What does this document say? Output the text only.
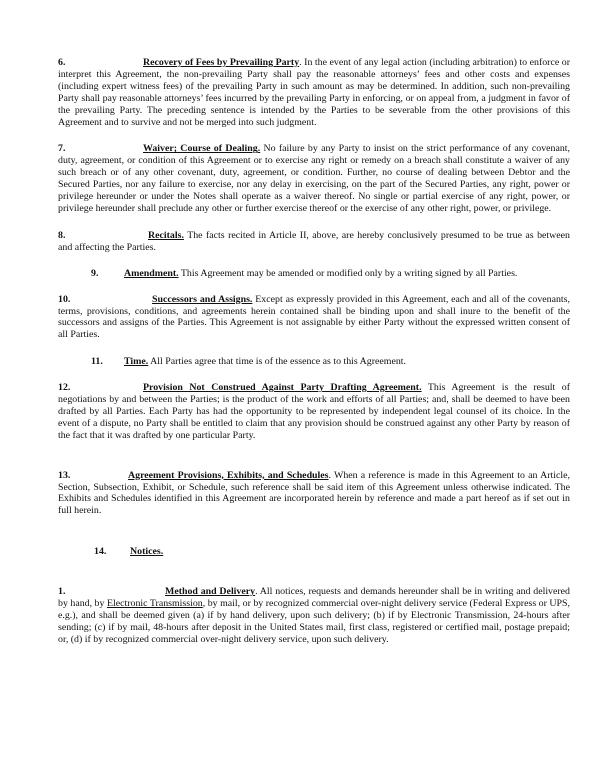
6.	Recovery of Fees by Prevailing Party. In the event of any legal action (including arbitration) to enforce or interpret this Agreement, the non-prevailing Party shall pay the reasonable attorneys’ fees and other costs and expenses (including expert witness fees) of the prevailing Party in such amount as may be determined. In addition, such non-prevailing Party shall pay reasonable attorneys’ fees incurred by the prevailing Party in enforcing, or on appeal from, a judgment in favor of the prevailing Party. The preceding sentence is intended by the Parties to be severable from the other provisions of this Agreement and to survive and not be merged into such judgment.

7.	Waiver; Course of Dealing. No failure by any Party to insist on the strict performance of any covenant, duty, agreement, or condition of this Agreement or to exercise any right or remedy on a breach shall constitute a waiver of any such breach or of any other covenant, duty, agreement, or condition. Further, no course of dealing between Debtor and the Secured Parties, nor any failure to exercise, nor any delay in exercising, on the part of the Secured Parties, any right, power or privilege hereunder or under the Notes shall operate as a waiver thereof. No single or partial exercise of any right, power, or privilege hereunder shall preclude any other or further exercise thereof or the exercise of any other right, power, or privilege.

8.	Recitals. The facts recited in Article II, above, are hereby conclusively presumed to be true as between and affecting the Parties.

9.	Amendment. This Agreement may be amended or modified only by a writing signed by all Parties.

10.	Successors and Assigns. Except as expressly provided in this Agreement, each and all of the covenants, terms, provisions, conditions, and agreements herein contained shall be binding upon and shall inure to the benefit of the successors and assigns of the Parties. This Agreement is not assignable by either Party without the expressed written consent of all Parties.

11. Time. All Parties agree that time is of the essence as to this Agreement.

12.	Provision Not Construed Against Party Drafting Agreement. This Agreement is the result of negotiations by and between the Parties; is the product of the work and efforts of all Parties; and, shall be deemed to have been drafted by all Parties. Each Party has had the opportunity to be represented by independent legal counsel of its choice. In the event of a dispute, no Party shall be entitled to claim that any provision should be construed against any other Party by reason of the fact that it was drafted by one particular Party.

13.	Agreement Provisions, Exhibits, and Schedules. When a reference is made in this Agreement to an Article, Section, Subsection, Exhibit, or Schedule, such reference shall be said item of this Agreement unless otherwise indicated. The Exhibits and Schedules identified in this Agreement are incorporated herein by reference and made a part hereof as if set out in full herein.

14. Notices.

1.	Method and Delivery. All notices, requests and demands hereunder shall be in writing and delivered by hand, by Electronic Transmission, by mail, or by recognized commercial over-night delivery service (Federal Express or UPS, e.g.), and shall be deemed given (a) if by hand delivery, upon such delivery; (b) if by Electronic Transmission, 24-hours after sending; (c) if by mail, 48-hours after deposit in the United States mail, first class, registered or certified mail, postage prepaid; or, (d) if by recognized commercial over-night delivery service, upon such delivery.
